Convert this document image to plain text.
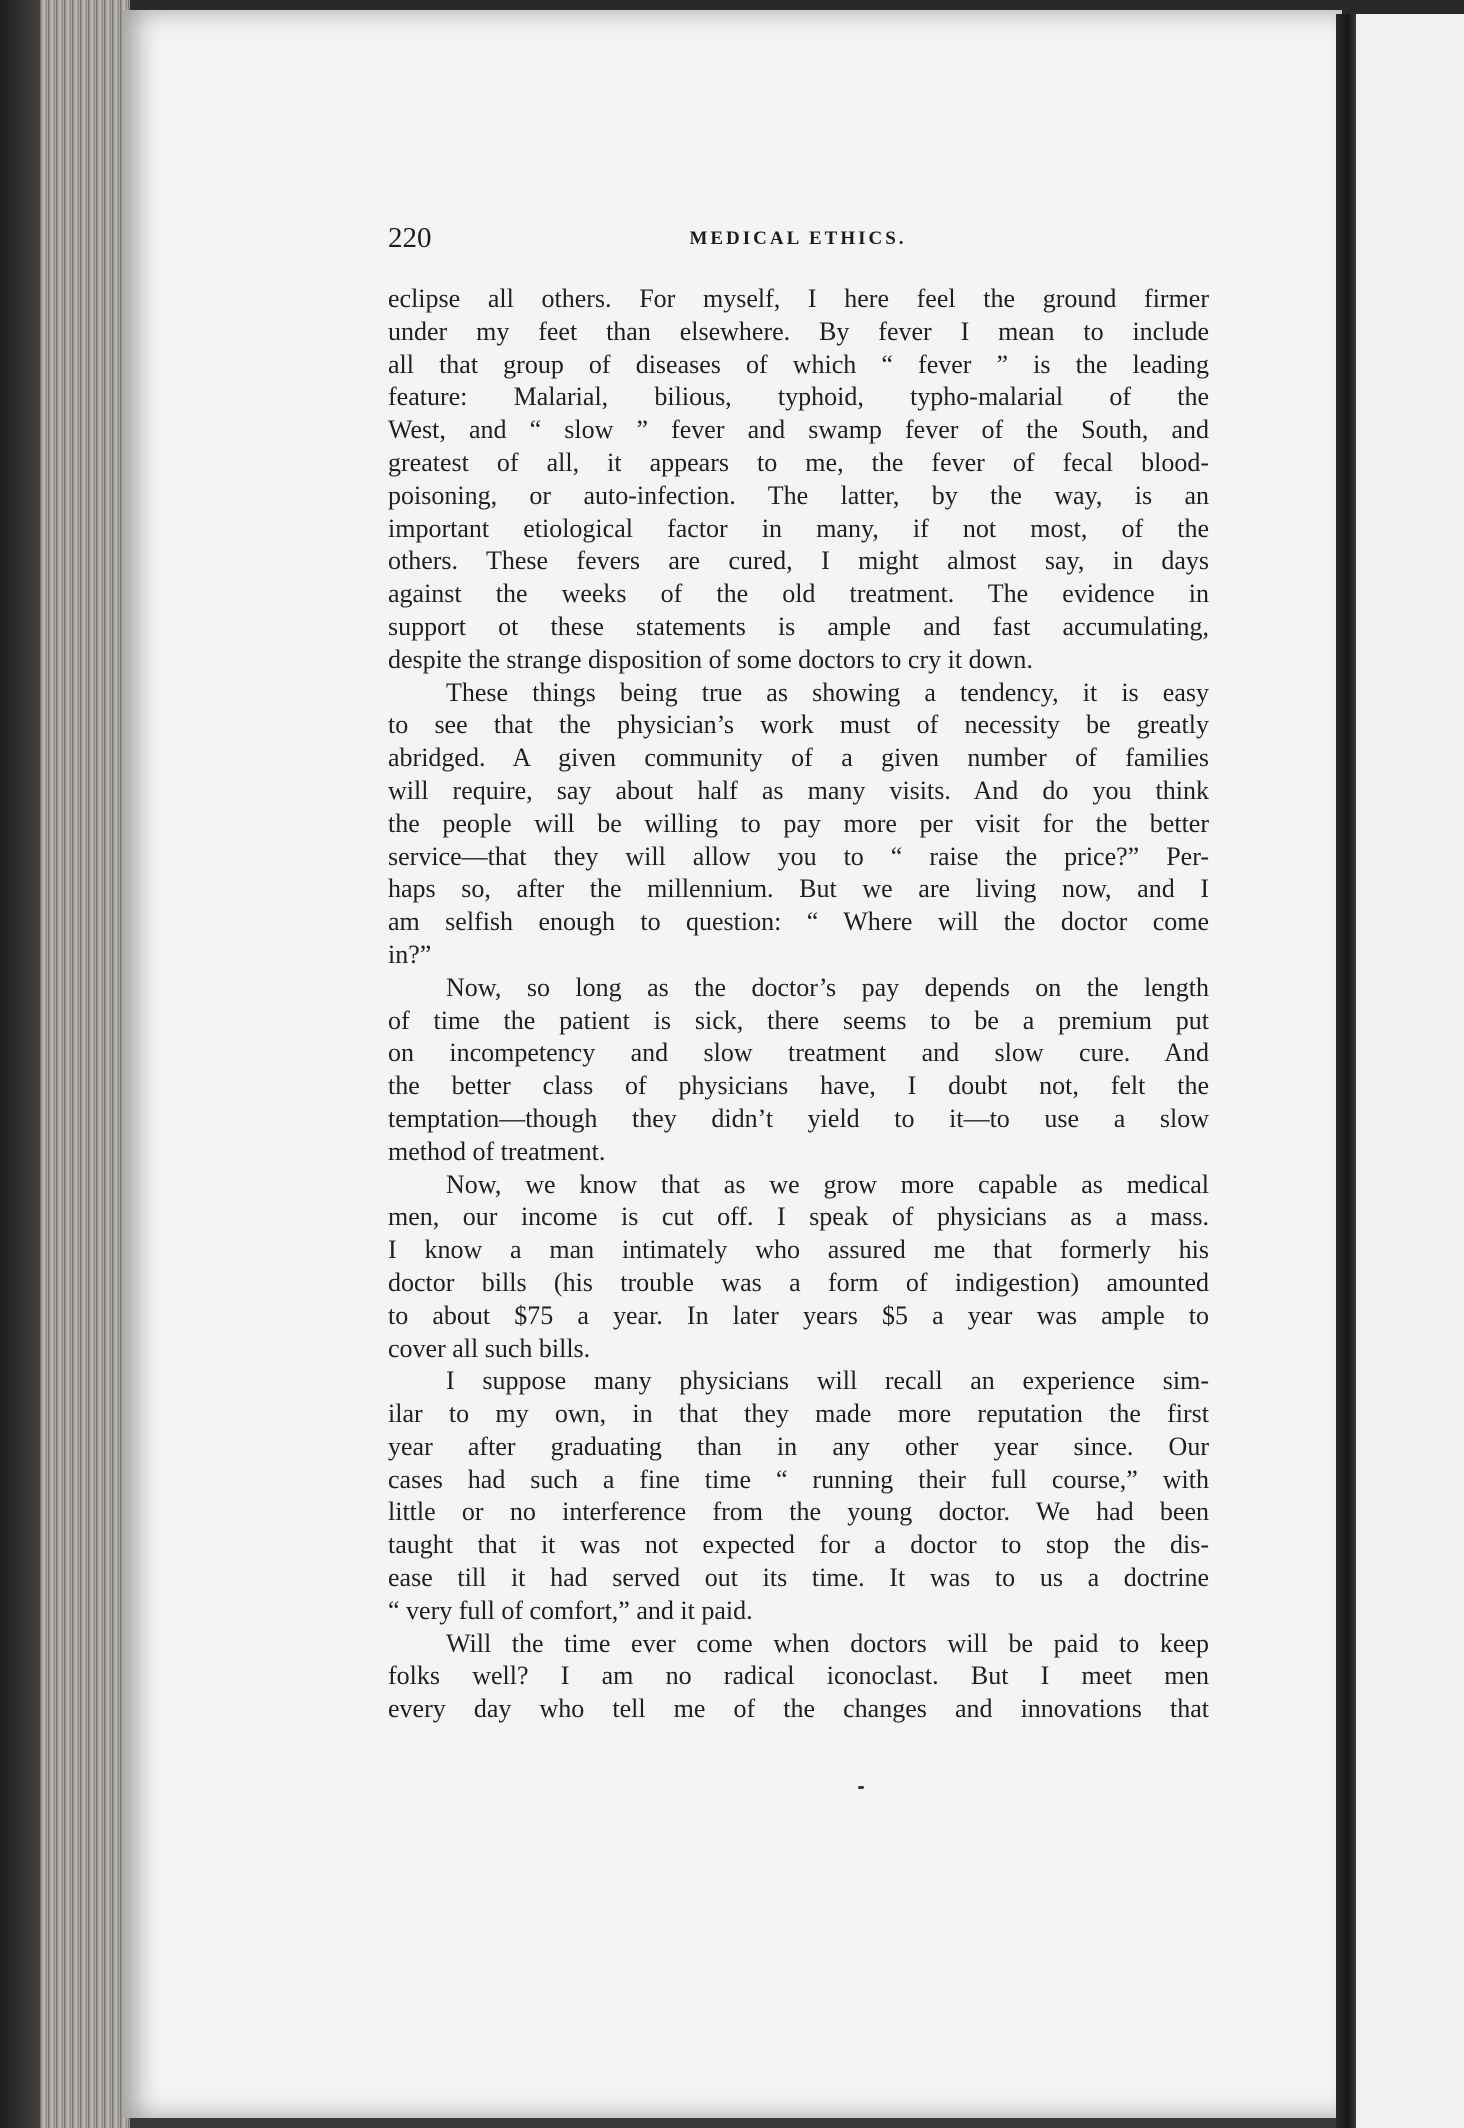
220	MEDICAL ETHICS.
eclipse all others. For myself, I here feel the ground firmer
under my feet than elsewhere. By fever I mean to include
all that group of diseases of which “ fever ” is the leading
feature: Malarial, bilious, typhoid, typho-malarial of the
West, and “ slow ” fever and swamp fever of the South, and
greatest of all, it appears to me, the fever of fecal blood-
poisoning, or auto-infection. The latter, by the way, is an
important etiological factor in many, if not most, of the
others. These fevers are cured, I might almost say, in days
against the weeks of the old treatment. The evidence in
support ot these statements is ample and fast accumulating,
despite the strange disposition of some doctors to cry it down.
These things being true as showing a tendency, it is easy
to see that the physician’s work must of necessity be greatly
abridged. A given community of a given number of families
will require, say about half as many visits. And do you think
the people will be willing to pay more per visit for the better
service—that they will allow you to “ raise the price?” Per-
haps so, after the millennium. But we are living now, and I
am selfish enough to question: “ Where will the doctor come
in?”
Now, so long as the doctor’s pay depends on the length
of time the patient is sick, there seems to be a premium put
on incompetency and slow treatment and slow cure. And
the better class of physicians have, I doubt not, felt the
temptation—though they didn’t yield to it—to use a slow
method of treatment.
Now, we know that as we grow more capable as medical
men, our income is cut off. I speak of physicians as a mass.
I know a man intimately who assured me that formerly his
doctor bills (his trouble was a form of indigestion) amounted
to about $75 a year. In later years $5 a year was ample to
cover all such bills.
I suppose many physicians will recall an experience sim-
ilar to my own, in that they made more reputation the first
year after graduating than in any other year since. Our
cases had such a fine time “ running their full course,” with
little or no interference from the young doctor. We had been
taught that it was not expected for a doctor to stop the dis-
ease till it had served out its time. It was to us a doctrine
“ very full of comfort,” and it paid.
Will the time ever come when doctors will be paid to keep
folks well? I am no radical iconoclast. But I meet men
every day who tell me of the changes and innovations that
